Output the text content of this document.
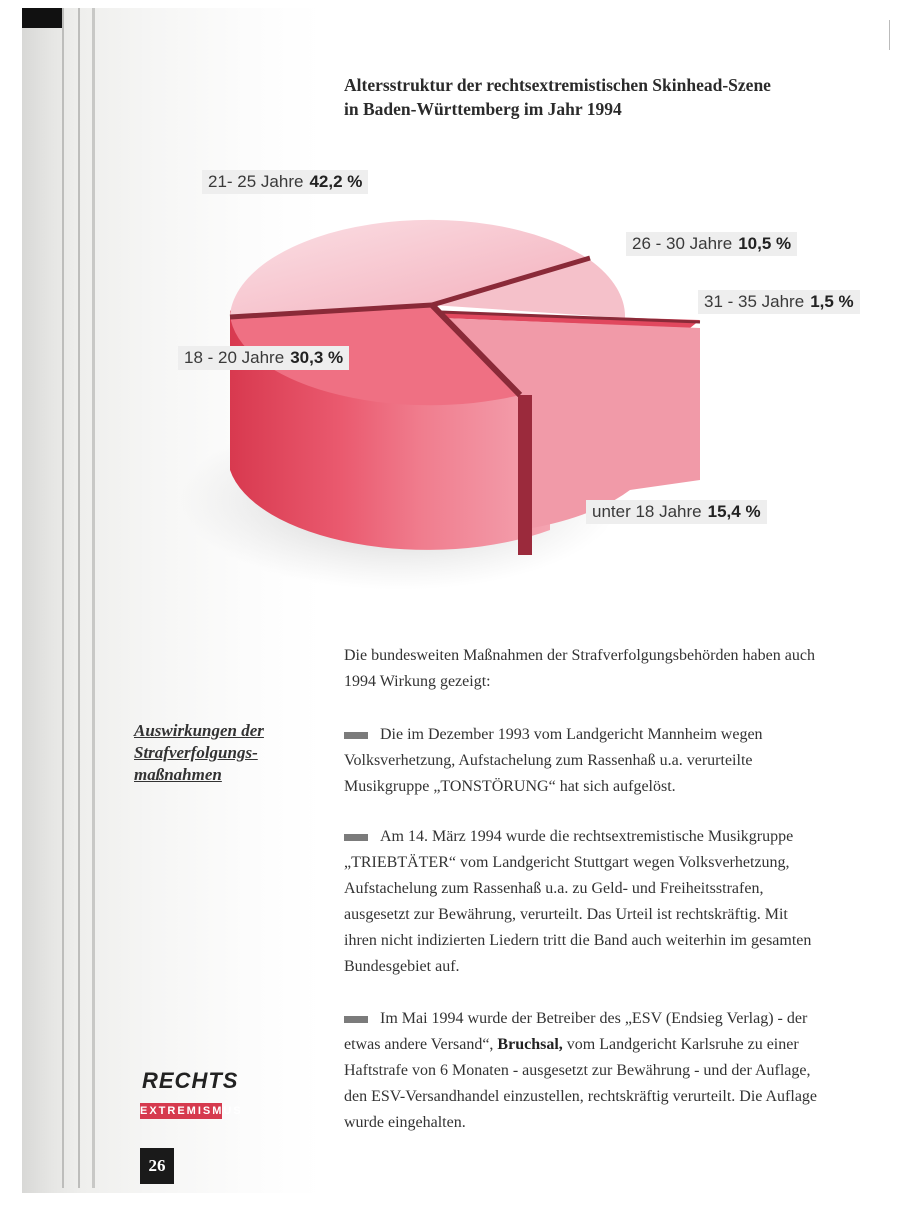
Altersstruktur der rechtsextremistischen Skinhead-Szene
in Baden-Württemberg im Jahr 1994
21- 25 Jahre 42,2 %
26 - 30 Jahre 10,5 %
31 - 35 Jahre 1,5 %
18 - 20 Jahre 30,3 %
unter 18 Jahre 15,4 %
Die bundesweiten Maßnahmen der Strafverfolgungsbehörden haben auch 1994 Wirkung gezeigt:
Auswirkungen der
Strafverfolgungs-
maßnahmen
Die im Dezember 1993 vom Landgericht Mannheim wegen Volksverhetzung, Aufstachelung zum Rassenhaß u.a. verurteilte Musikgruppe „TONSTÖRUNG“ hat sich aufgelöst.
Am 14. März 1994 wurde die rechtsextremistische Musikgruppe „TRIEBTÄTER“ vom Landgericht Stuttgart wegen Volksverhetzung, Aufstachelung zum Rassenhaß u.a. zu Geld- und Freiheitsstrafen, ausgesetzt zur Bewährung, verurteilt. Das Urteil ist rechtskräftig. Mit ihren nicht indizierten Liedern tritt die Band auch weiterhin im gesamten Bundesgebiet auf.
Im Mai 1994 wurde der Betreiber des „ESV (Endsieg Verlag) - der etwas andere Versand“, Bruchsal, vom Landgericht Karlsruhe zu einer Haftstrafe von 6 Monaten - ausgesetzt zur Bewährung - und der Auflage, den ESV-Versandhandel einzustellen, rechtskräftig verurteilt. Die Auflage wurde eingehalten.
RECHTS
EXTREMISMUS
26
